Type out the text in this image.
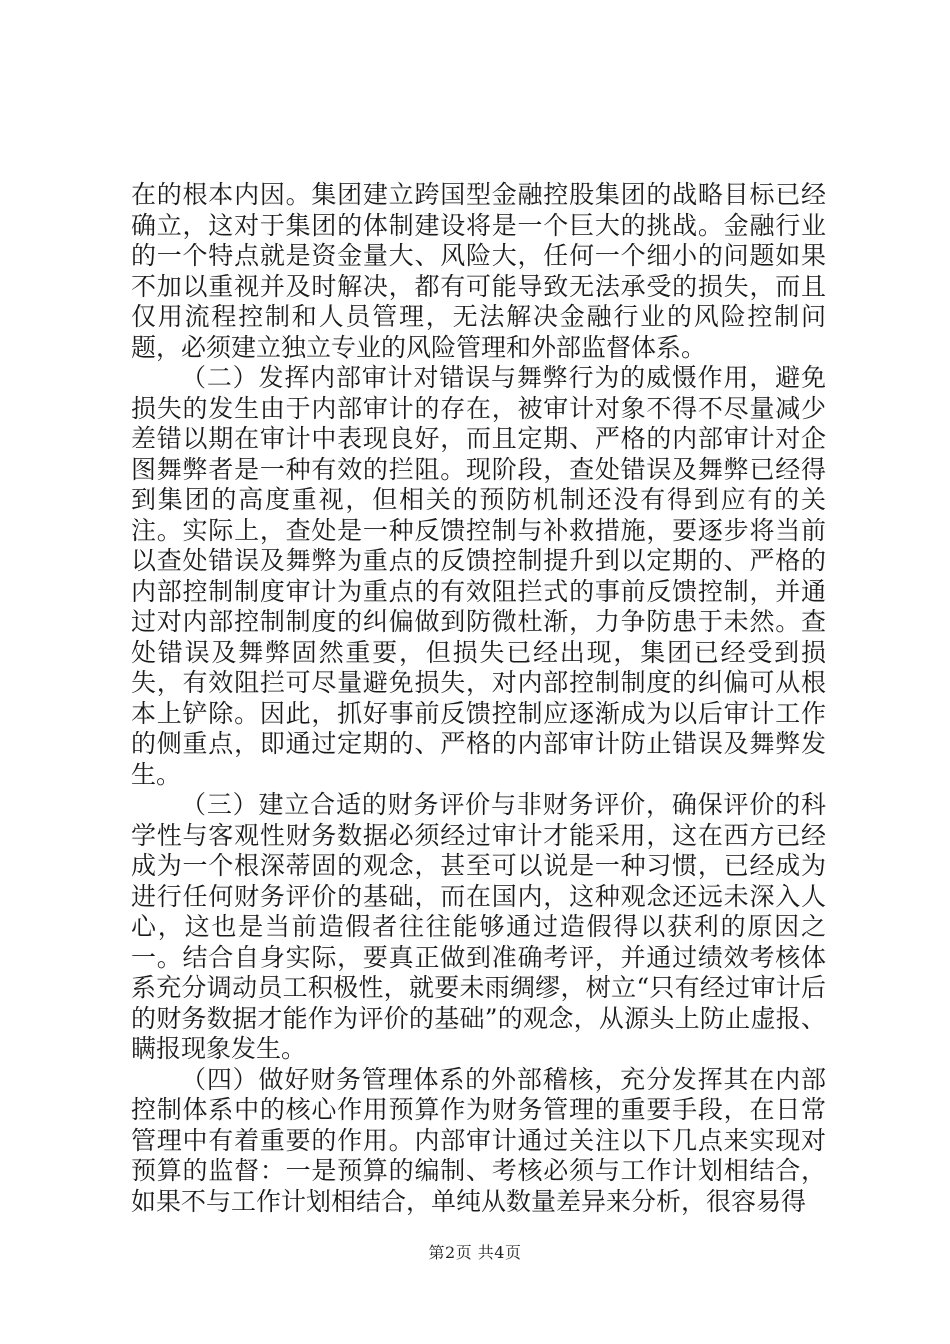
在的根本内因。集团建立跨国型金融控股集团的战略目标已经确立，这对于集团的体制建设将是一个巨大的挑战。金融行业的一个特点就是资金量大、风险大，任何一个细小的问题如果不加以重视并及时解决，都有可能导致无法承受的损失，而且仅用流程控制和人员管理，无法解决金融行业的风险控制问题，必须建立独立专业的风险管理和外部监督体系。

（二）发挥内部审计对错误与舞弊行为的威慑作用，避免损失的发生由于内部审计的存在，被审计对象不得不尽量减少差错以期在审计中表现良好，而且定期、严格的内部审计对企图舞弊者是一种有效的拦阻。现阶段，查处错误及舞弊已经得到集团的高度重视，但相关的预防机制还没有得到应有的关注。实际上，查处是一种反馈控制与补救措施，要逐步将当前以查处错误及舞弊为重点的反馈控制提升到以定期的、严格的内部控制制度审计为重点的有效阻拦式的事前反馈控制，并通过对内部控制制度的纠偏做到防微杜渐，力争防患于未然。查处错误及舞弊固然重要，但损失已经出现，集团已经受到损失，有效阻拦可尽量避免损失，对内部控制制度的纠偏可从根本上铲除。因此，抓好事前反馈控制应逐渐成为以后审计工作的侧重点，即通过定期的、严格的内部审计防止错误及舞弊发生。

（三）建立合适的财务评价与非财务评价，确保评价的科学性与客观性财务数据必须经过审计才能采用，这在西方已经成为一个根深蒂固的观念，甚至可以说是一种习惯，已经成为进行任何财务评价的基础，而在国内，这种观念还远未深入人心，这也是当前造假者往往能够通过造假得以获利的原因之一。结合自身实际，要真正做到准确考评，并通过绩效考核体系充分调动员工积极性，就要未雨绸缪，树立“只有经过审计后的财务数据才能作为评价的基础”的观念，从源头上防止虚报、瞒报现象发生。

（四）做好财务管理体系的外部稽核，充分发挥其在内部控制体系中的核心作用预算作为财务管理的重要手段，在日常管理中有着重要的作用。内部审计通过关注以下几点来实现对预算的监督：一是预算的编制、考核必须与工作计划相结合，如果不与工作计划相结合，单纯从数量差异来分析，很容易得

第2页 共4页
